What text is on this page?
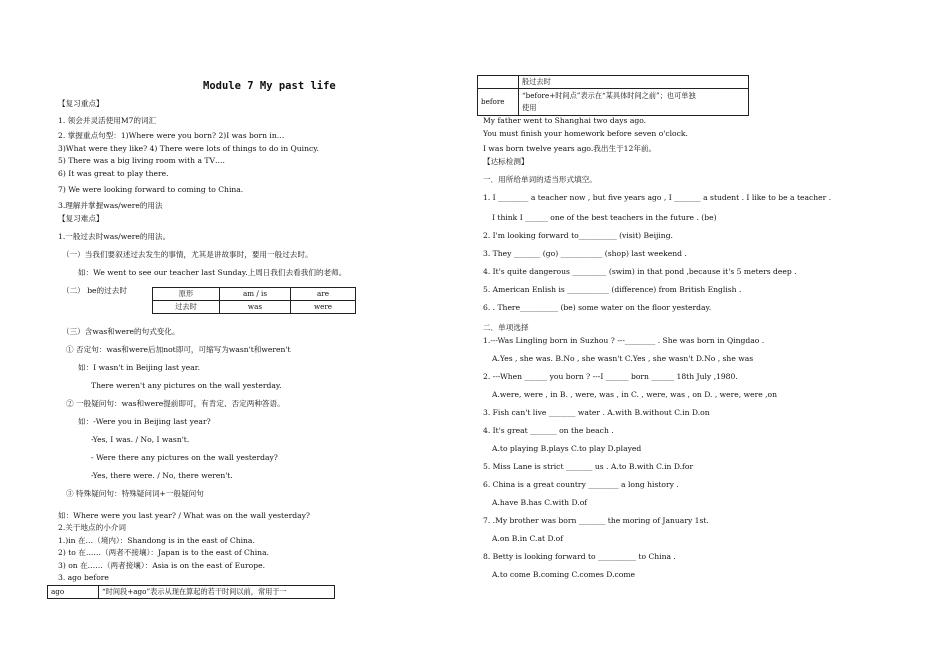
Module 7 My past life
【复习重点】
1. 领会并灵活使用M7的词汇
2. 掌握重点句型：1)Where were you born? 2)I was born in…
3)What were they like? 4) There were lots of things to do in Quincy.
5) There was a big living room with a TV….
6) It was great to play there.
7) We were looking forward to coming to China.
3.理解并掌握was/were的用法
【复习难点】
1.一般过去时was/were的用法。
（一）当我们要叙述过去发生的事情，尤其是讲故事时，要用一般过去时。
如：We went to see our teacher last Sunday.上周日我们去看我们的老师。
（二） be的过去时	原形	am / is	are
过去时	was	were
（三）含was和were的句式变化。
① 否定句：was和were后加not即可，可缩写为wasn't和weren't
如：I wasn't in Beijing last year.
There weren't any pictures on the wall yesterday.
② 一般疑问句：was和were提前即可，有肯定、否定两种答语。
如：-Were you in Beijing last year?
-Yes, I was. / No, I wasn't.
- Were there any pictures on the wall yesterday?
-Yes, there were. / No, there weren't.
③ 特殊疑问句：特殊疑问词+一般疑问句
如：Where were you last year? / What was on the wall yesterday?
2.关于地点的小介词
1.)in 在…（境内）：Shandong is in the east of China.
2) to 在……（两者不接壤）：Japan is to the east of China.
3) on 在……（两者接壤）：Asia is on the east of Europe.
3. ago before
ago	“时间段+ago”表示从现在算起的若干时间以前，常用于一
	般过去时
before	“before+时间点”表示在“某具体时间之前”；也可单独
使用
My father went to Shanghai two days ago.
You must finish your homework before seven o'clock.
I was born twelve years ago.我出生于12年前。
【达标检测】
一．用所给单词的适当形式填空。
1. I ________ a teacher now , but five years ago , I _______ a student . I like to be a teacher .
I think I ______ one of the best teachers in the future . (be)
2. I'm looking forward to__________ (visit) Beijing.
3. They _______ (go) ___________ (shop) last weekend .
4. It's quite dangerous _________ (swim) in that pond ,because it's 5 meters deep .
5. American Enlish is ___________ (difference) from British English .
6. . There__________ (be) some water on the floor yesterday.
二．单项选择
1.---Was Lingling born in Suzhou ? ---________ . She was born in Qingdao .
A.Yes , she was. B.No , she wasn't C.Yes , she wasn't D.No , she was
2. ---When ______ you born ? ---I ______ born ______ 18th July ,1980.
A.were, were , in B. , were, was , in C. , were, was , on D. , were, were ,on
3. Fish can't live _______ water . A.with B.without C.in D.on
4. It's great _______ on the beach .
A.to playing B.plays C.to play D.played
5. Miss Lane is strict _______ us . A.to B.with C.in D.for
6. China is a great country ________ a long history .
A.have B.has C.with D.of
7. .My brother was born _______ the moring of January 1st.
A.on B.in C.at D.of
8. Betty is looking forward to __________ to China .
A.to come B.coming C.comes D.come
